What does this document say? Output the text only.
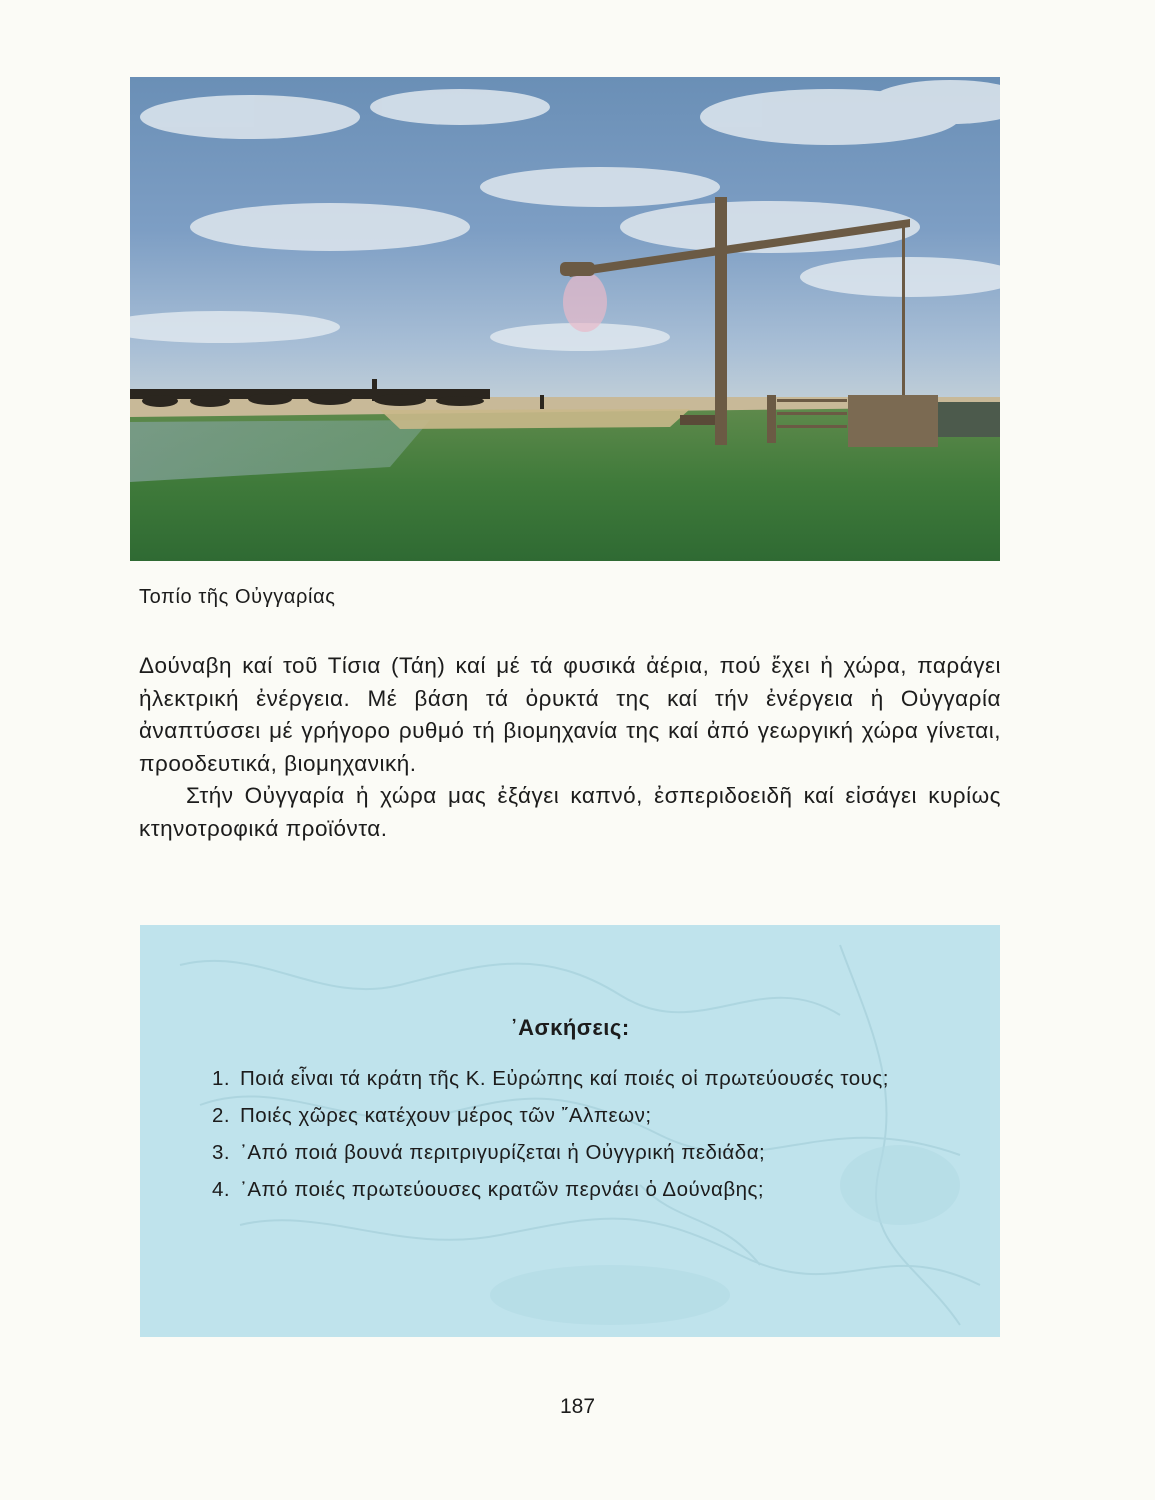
Τοπίο τῆς Οὐγγαρίας

Δούναβη καί τοῦ Τίσια (Τάη) καί μέ τά φυσικά ἀέρια, πού ἔχει ἡ χώρα, παράγει ἠλεκτρική ἐνέργεια. Μέ βάση τά ὀρυκτά της καί τήν ἐνέργεια ἡ Οὐγγαρία ἀναπτύσσει μέ γρήγορο ρυθμό τή βιομηχανία της καί ἀπό γεωργική χώρα γίνεται, προοδευτικά, βιομηχανική.

Στήν Οὐγγαρία ἡ χώρα μας ἐξάγει καπνό, ἐσπεριδοειδῆ καί εἰσάγει κυρίως κτηνοτροφικά προϊόντα.

᾿Ασκήσεις:
1. Ποιά εἶναι τά κράτη τῆς Κ. Εὐρώπης καί ποιές οἱ πρωτεύουσές τους;
2. Ποιές χῶρες κατέχουν μέρος τῶν ῎Αλπεων;
3. ᾿Από ποιά βουνά περιτριγυρίζεται ἡ Οὐγγρική πεδιάδα;
4. ᾿Από ποιές πρωτεύουσες κρατῶν περνάει ὁ Δούναβης;
187
